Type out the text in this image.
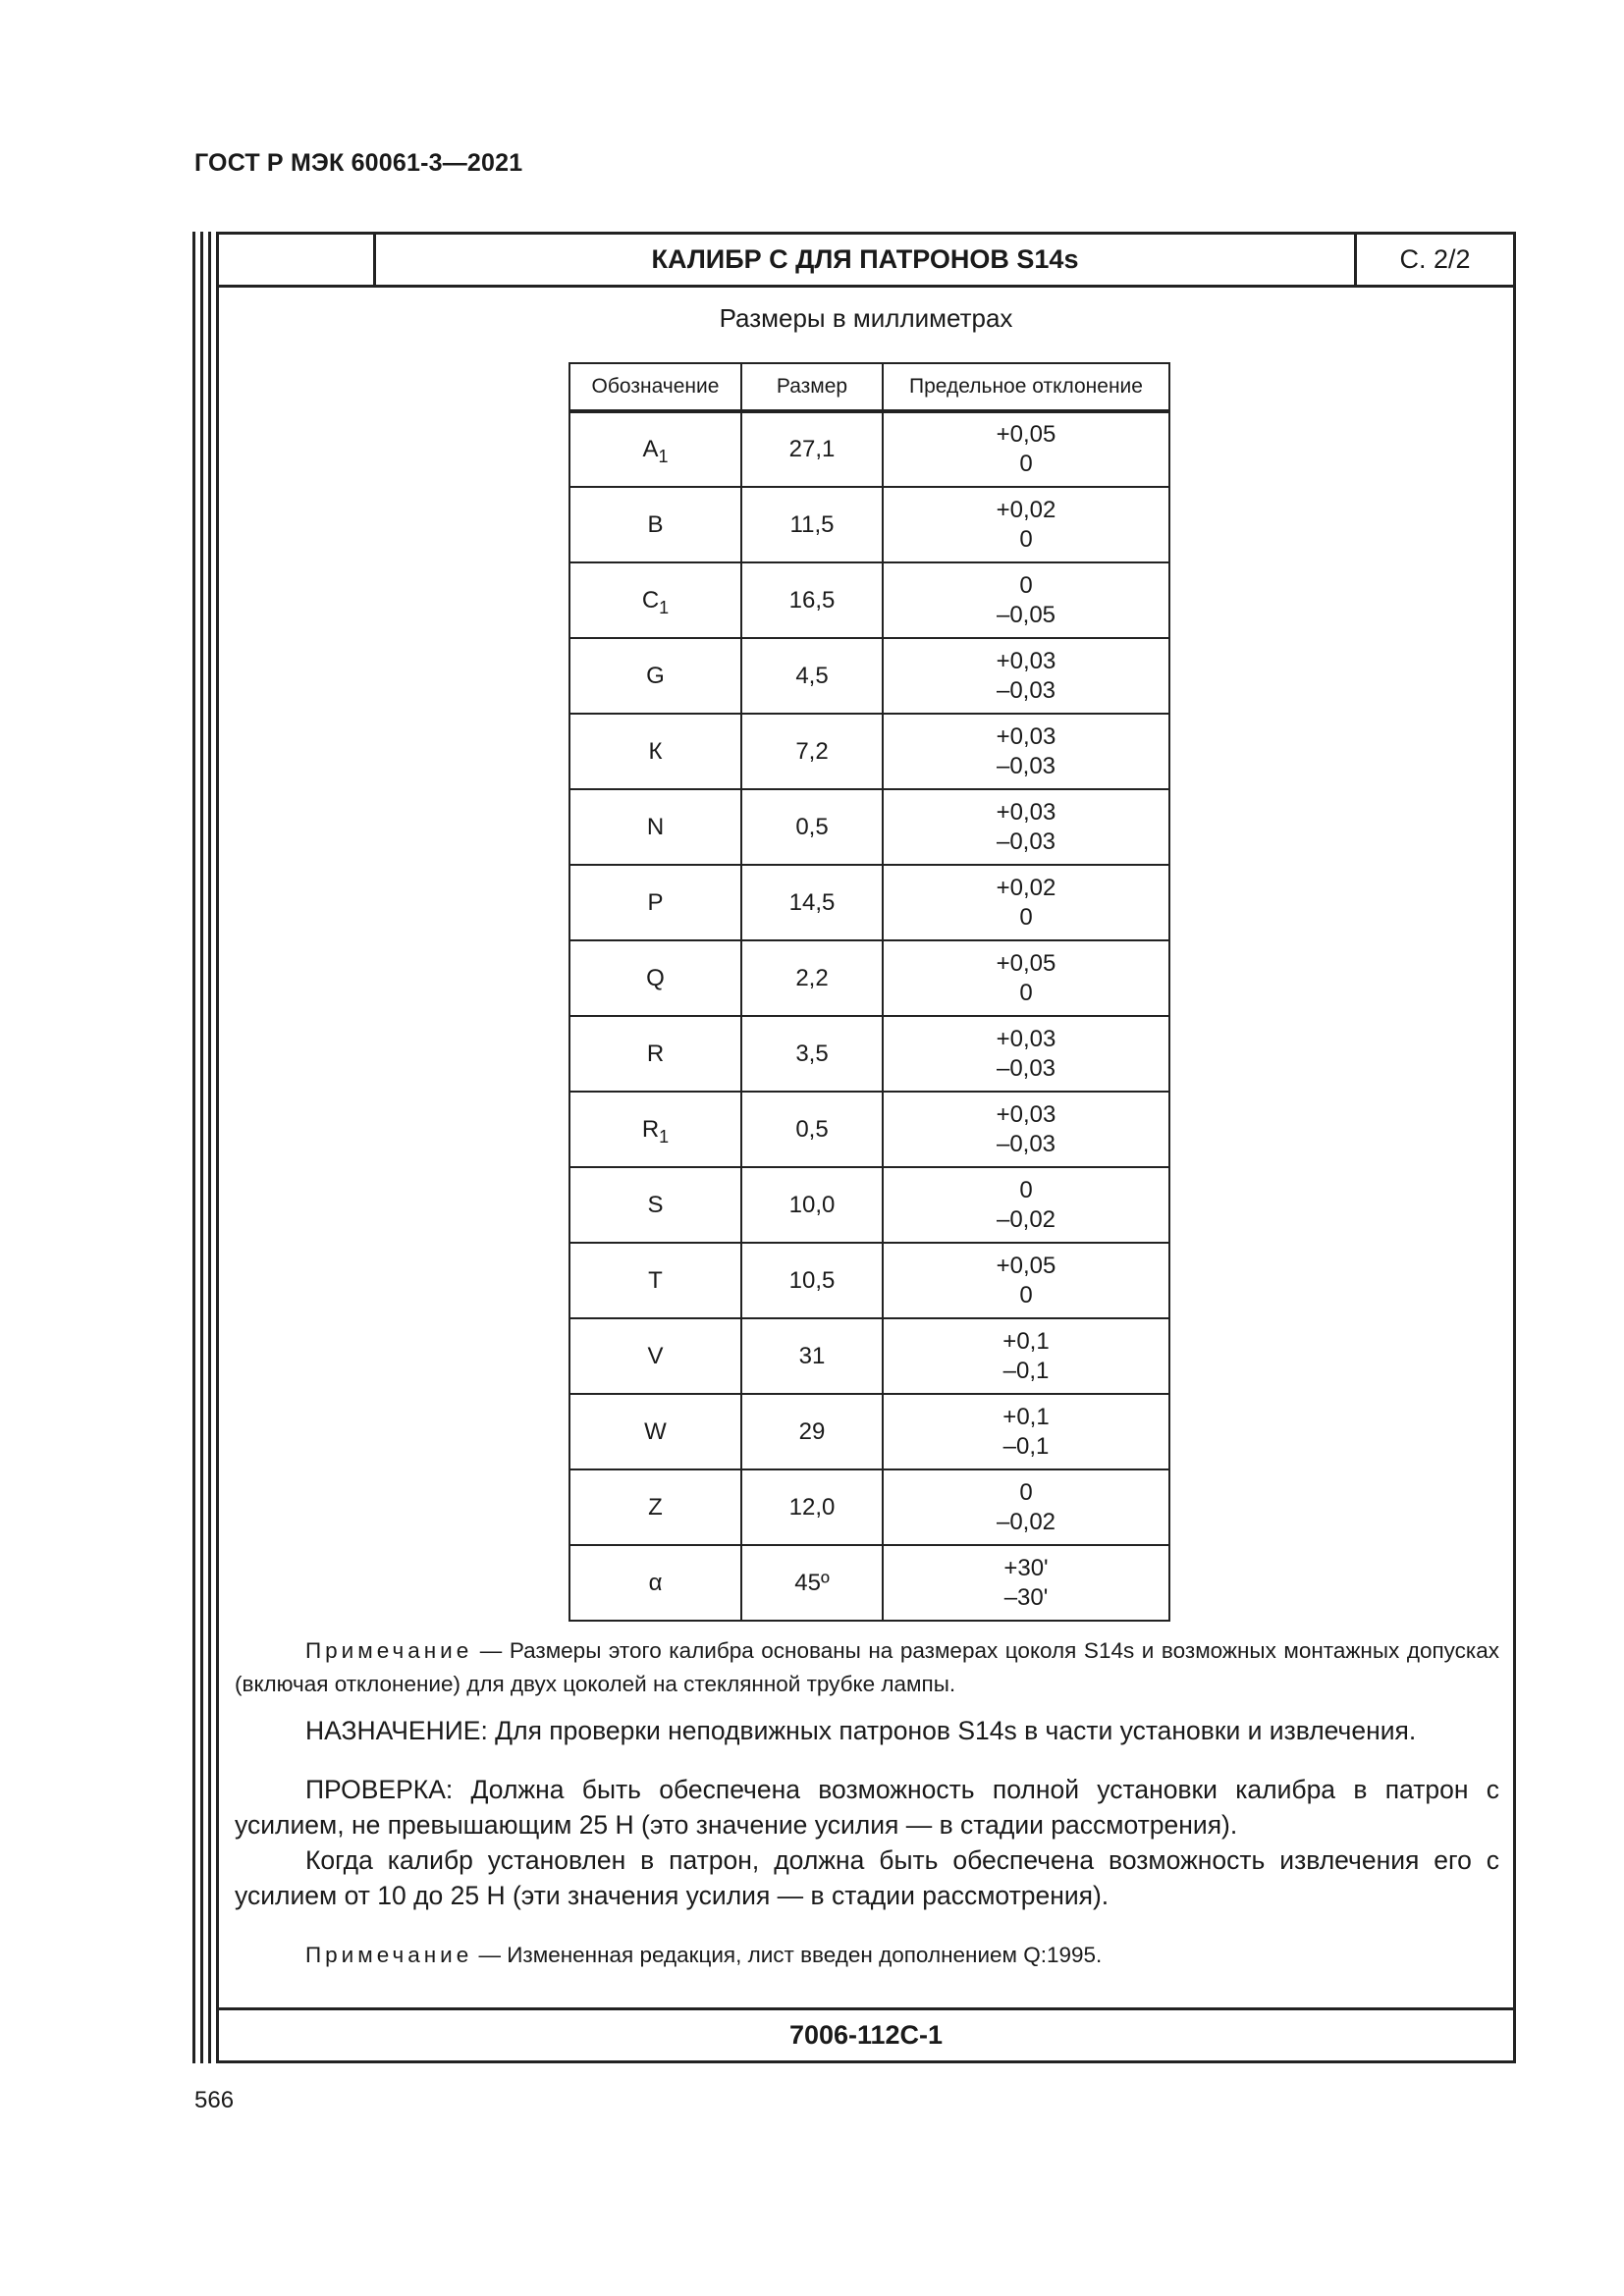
ГОСТ Р МЭК 60061-3—2021
КАЛИБР С ДЛЯ ПАТРОНОВ S14s	С. 2/2
Размеры в миллиметрах
Обозначение	Размер	Предельное отклонение
$A_1$	27,1	+0,05
0

B	11,5	+0,02
0

$C_1$	16,5	0
–0,05

G	4,5	+0,03
–0,03

К	7,2	+0,03
–0,03

N	0,5	+0,03
–0,03

P	14,5	+0,02
0

Q	2,2	+0,05
0

R	3,5	+0,03
–0,03

$R_1$	0,5	+0,03
–0,03

S	10,0	0
–0,02

T	10,5	+0,05
0

V	31	+0,1
–0,1

W	29	+0,1
–0,1

Z	12,0	0
–0,02

α	45º	+30'
–30'

Примечание — Размеры этого калибра основаны на размерах цоколя S14s и возможных монтажных допусках (включая отклонение) для двух цоколей на стеклянной трубке лампы.

НАЗНАЧЕНИЕ: Для проверки неподвижных патронов S14s в части установки и извлечения.

ПРОВЕРКА: Должна быть обеспечена возможность полной установки калибра в патрон с усилием, не превышающим 25 Н (это значение усилия — в стадии рассмотрения).

Когда калибр установлен в патрон, должна быть обеспечена возможность извлечения его с усилием от 10 до 25 Н (эти значения усилия — в стадии рассмотрения).

Примечание — Измененная редакция, лист введен дополнением Q:1995.

7006-112С-1
566
